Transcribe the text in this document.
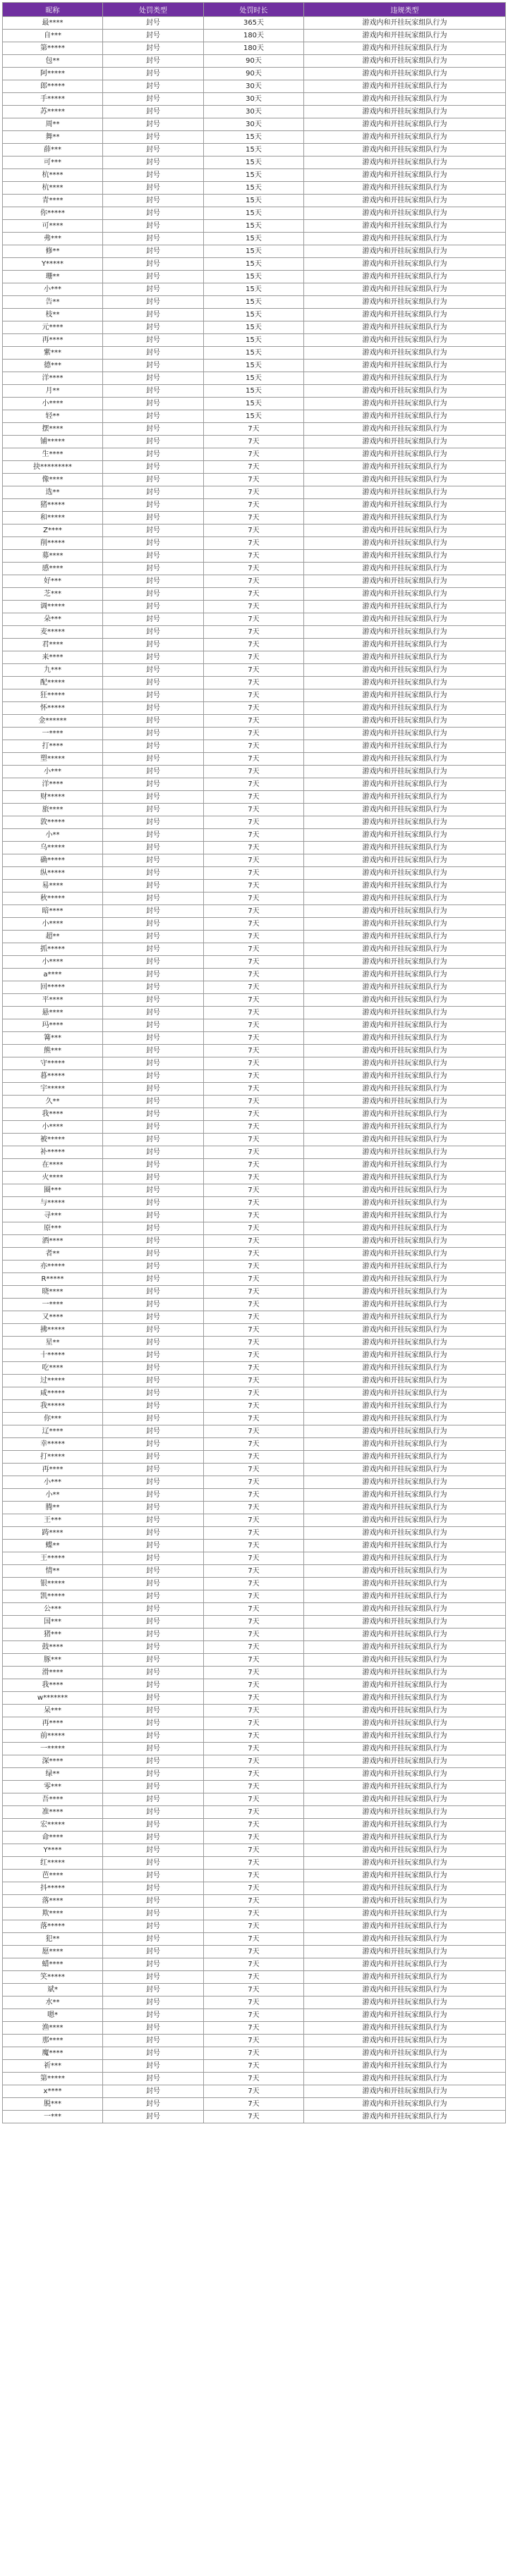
昵称	处罚类型	处罚时长	违规类型
最****	封号	365天	游戏内和开挂玩家组队行为
自***	封号	180天	游戏内和开挂玩家组队行为
第*****	封号	180天	游戏内和开挂玩家组队行为
包**	封号	90天	游戏内和开挂玩家组队行为
阿*****	封号	90天	游戏内和开挂玩家组队行为
郎*****	封号	30天	游戏内和开挂玩家组队行为
手*****	封号	30天	游戏内和开挂玩家组队行为
苏*****	封号	30天	游戏内和开挂玩家组队行为
周**	封号	30天	游戏内和开挂玩家组队行为
舞**	封号	15天	游戏内和开挂玩家组队行为
薛***	封号	15天	游戏内和开挂玩家组队行为
可***	封号	15天	游戏内和开挂玩家组队行为
杭****	封号	15天	游戏内和开挂玩家组队行为
杭****	封号	15天	游戏内和开挂玩家组队行为
青****	封号	15天	游戏内和开挂玩家组队行为
你*****	封号	15天	游戏内和开挂玩家组队行为
可****	封号	15天	游戏内和开挂玩家组队行为
弗***	封号	15天	游戏内和开挂玩家组队行为
修**	封号	15天	游戏内和开挂玩家组队行为
Y*****	封号	15天	游戏内和开挂玩家组队行为
珊**	封号	15天	游戏内和开挂玩家组队行为
小***	封号	15天	游戏内和开挂玩家组队行为
告**	封号	15天	游戏内和开挂玩家组队行为
枝**	封号	15天	游戏内和开挂玩家组队行为
元****	封号	15天	游戏内和开挂玩家组队行为
再****	封号	15天	游戏内和开挂玩家组队行为
紫***	封号	15天	游戏内和开挂玩家组队行为
德***	封号	15天	游戏内和开挂玩家组队行为
洋****	封号	15天	游戏内和开挂玩家组队行为
月**	封号	15天	游戏内和开挂玩家组队行为
小****	封号	15天	游戏内和开挂玩家组队行为
轻**	封号	15天	游戏内和开挂玩家组队行为
摆****	封号	7天	游戏内和开挂玩家组队行为
铺*****	封号	7天	游戏内和开挂玩家组队行为
生****	封号	7天	游戏内和开挂玩家组队行为
抉*********	封号	7天	游戏内和开挂玩家组队行为
像****	封号	7天	游戏内和开挂玩家组队行为
选**	封号	7天	游戏内和开挂玩家组队行为
猪*****	封号	7天	游戏内和开挂玩家组队行为
和*****	封号	7天	游戏内和开挂玩家组队行为
Z****	封号	7天	游戏内和开挂玩家组队行为
削*****	封号	7天	游戏内和开挂玩家组队行为
募****	封号	7天	游戏内和开挂玩家组队行为
感****	封号	7天	游戏内和开挂玩家组队行为
好***	封号	7天	游戏内和开挂玩家组队行为
芝***	封号	7天	游戏内和开挂玩家组队行为
调*****	封号	7天	游戏内和开挂玩家组队行为
朵***	封号	7天	游戏内和开挂玩家组队行为
麦*****	封号	7天	游戏内和开挂玩家组队行为
君****	封号	7天	游戏内和开挂玩家组队行为
来****	封号	7天	游戏内和开挂玩家组队行为
九***	封号	7天	游戏内和开挂玩家组队行为
配*****	封号	7天	游戏内和开挂玩家组队行为
狂*****	封号	7天	游戏内和开挂玩家组队行为
怀*****	封号	7天	游戏内和开挂玩家组队行为
金******	封号	7天	游戏内和开挂玩家组队行为
一****	封号	7天	游戏内和开挂玩家组队行为
打****	封号	7天	游戏内和开挂玩家组队行为
塑*****	封号	7天	游戏内和开挂玩家组队行为
小***	封号	7天	游戏内和开挂玩家组队行为
洋****	封号	7天	游戏内和开挂玩家组队行为
财*****	封号	7天	游戏内和开挂玩家组队行为
旅****	封号	7天	游戏内和开挂玩家组队行为
敦*****	封号	7天	游戏内和开挂玩家组队行为
小**	封号	7天	游戏内和开挂玩家组队行为
乌*****	封号	7天	游戏内和开挂玩家组队行为
确*****	封号	7天	游戏内和开挂玩家组队行为
纵*****	封号	7天	游戏内和开挂玩家组队行为
易****	封号	7天	游戏内和开挂玩家组队行为
秋*****	封号	7天	游戏内和开挂玩家组队行为
暗****	封号	7天	游戏内和开挂玩家组队行为
小****	封号	7天	游戏内和开挂玩家组队行为
超**	封号	7天	游戏内和开挂玩家组队行为
抓*****	封号	7天	游戏内和开挂玩家组队行为
小****	封号	7天	游戏内和开挂玩家组队行为
a****	封号	7天	游戏内和开挂玩家组队行为
回*****	封号	7天	游戏内和开挂玩家组队行为
平****	封号	7天	游戏内和开挂玩家组队行为
悬****	封号	7天	游戏内和开挂玩家组队行为
玛****	封号	7天	游戏内和开挂玩家组队行为
篝***	封号	7天	游戏内和开挂玩家组队行为
熊***	封号	7天	游戏内和开挂玩家组队行为
守*****	封号	7天	游戏内和开挂玩家组队行为
暮*****	封号	7天	游戏内和开挂玩家组队行为
宇*****	封号	7天	游戏内和开挂玩家组队行为
久**	封号	7天	游戏内和开挂玩家组队行为
我****	封号	7天	游戏内和开挂玩家组队行为
小****	封号	7天	游戏内和开挂玩家组队行为
被*****	封号	7天	游戏内和开挂玩家组队行为
补*****	封号	7天	游戏内和开挂玩家组队行为
在****	封号	7天	游戏内和开挂玩家组队行为
火****	封号	7天	游戏内和开挂玩家组队行为
圈***	封号	7天	游戏内和开挂玩家组队行为
与*****	封号	7天	游戏内和开挂玩家组队行为
寻***	封号	7天	游戏内和开挂玩家组队行为
原***	封号	7天	游戏内和开挂玩家组队行为
酒****	封号	7天	游戏内和开挂玩家组队行为
者**	封号	7天	游戏内和开挂玩家组队行为
亦*****	封号	7天	游戏内和开挂玩家组队行为
R*****	封号	7天	游戏内和开挂玩家组队行为
晓****	封号	7天	游戏内和开挂玩家组队行为
一****	封号	7天	游戏内和开挂玩家组队行为
又****	封号	7天	游戏内和开挂玩家组队行为
拂*****	封号	7天	游戏内和开挂玩家组队行为
星**	封号	7天	游戏内和开挂玩家组队行为
十*****	封号	7天	游戏内和开挂玩家组队行为
吃****	封号	7天	游戏内和开挂玩家组队行为
过*****	封号	7天	游戏内和开挂玩家组队行为
咸*****	封号	7天	游戏内和开挂玩家组队行为
我*****	封号	7天	游戏内和开挂玩家组队行为
你***	封号	7天	游戏内和开挂玩家组队行为
辽****	封号	7天	游戏内和开挂玩家组队行为
幸*****	封号	7天	游戏内和开挂玩家组队行为
打*****	封号	7天	游戏内和开挂玩家组队行为
再****	封号	7天	游戏内和开挂玩家组队行为
小***	封号	7天	游戏内和开挂玩家组队行为
小**	封号	7天	游戏内和开挂玩家组队行为
腾**	封号	7天	游戏内和开挂玩家组队行为
王***	封号	7天	游戏内和开挂玩家组队行为
踌****	封号	7天	游戏内和开挂玩家组队行为
蝶**	封号	7天	游戏内和开挂玩家组队行为
王*****	封号	7天	游戏内和开挂玩家组队行为
情**	封号	7天	游戏内和开挂玩家组队行为
银*****	封号	7天	游戏内和开挂玩家组队行为
凯*****	封号	7天	游戏内和开挂玩家组队行为
公***	封号	7天	游戏内和开挂玩家组队行为
国***	封号	7天	游戏内和开挂玩家组队行为
猪***	封号	7天	游戏内和开挂玩家组队行为
鼓****	封号	7天	游戏内和开挂玩家组队行为
豚***	封号	7天	游戏内和开挂玩家组队行为
滑****	封号	7天	游戏内和开挂玩家组队行为
我****	封号	7天	游戏内和开挂玩家组队行为
w*******	封号	7天	游戏内和开挂玩家组队行为
呆***	封号	7天	游戏内和开挂玩家组队行为
再****	封号	7天	游戏内和开挂玩家组队行为
前*****	封号	7天	游戏内和开挂玩家组队行为
一*****	封号	7天	游戏内和开挂玩家组队行为
深****	封号	7天	游戏内和开挂玩家组队行为
绿**	封号	7天	游戏内和开挂玩家组队行为
零***	封号	7天	游戏内和开挂玩家组队行为
吾****	封号	7天	游戏内和开挂玩家组队行为
准****	封号	7天	游戏内和开挂玩家组队行为
宏*****	封号	7天	游戏内和开挂玩家组队行为
命****	封号	7天	游戏内和开挂玩家组队行为
Y****	封号	7天	游戏内和开挂玩家组队行为
红*****	封号	7天	游戏内和开挂玩家组队行为
芭****	封号	7天	游戏内和开挂玩家组队行为
抖*****	封号	7天	游戏内和开挂玩家组队行为
落****	封号	7天	游戏内和开挂玩家组队行为
欺****	封号	7天	游戏内和开挂玩家组队行为
落*****	封号	7天	游戏内和开挂玩家组队行为
犯**	封号	7天	游戏内和开挂玩家组队行为
愿****	封号	7天	游戏内和开挂玩家组队行为
蜡****	封号	7天	游戏内和开挂玩家组队行为
笑*****	封号	7天	游戏内和开挂玩家组队行为
斌*	封号	7天	游戏内和开挂玩家组队行为
水**	封号	7天	游戏内和开挂玩家组队行为
嗯*	封号	7天	游戏内和开挂玩家组队行为
渔****	封号	7天	游戏内和开挂玩家组队行为
那****	封号	7天	游戏内和开挂玩家组队行为
魔****	封号	7天	游戏内和开挂玩家组队行为
祈***	封号	7天	游戏内和开挂玩家组队行为
第*****	封号	7天	游戏内和开挂玩家组队行为
x****	封号	7天	游戏内和开挂玩家组队行为
脱***	封号	7天	游戏内和开挂玩家组队行为
一***	封号	7天	游戏内和开挂玩家组队行为
